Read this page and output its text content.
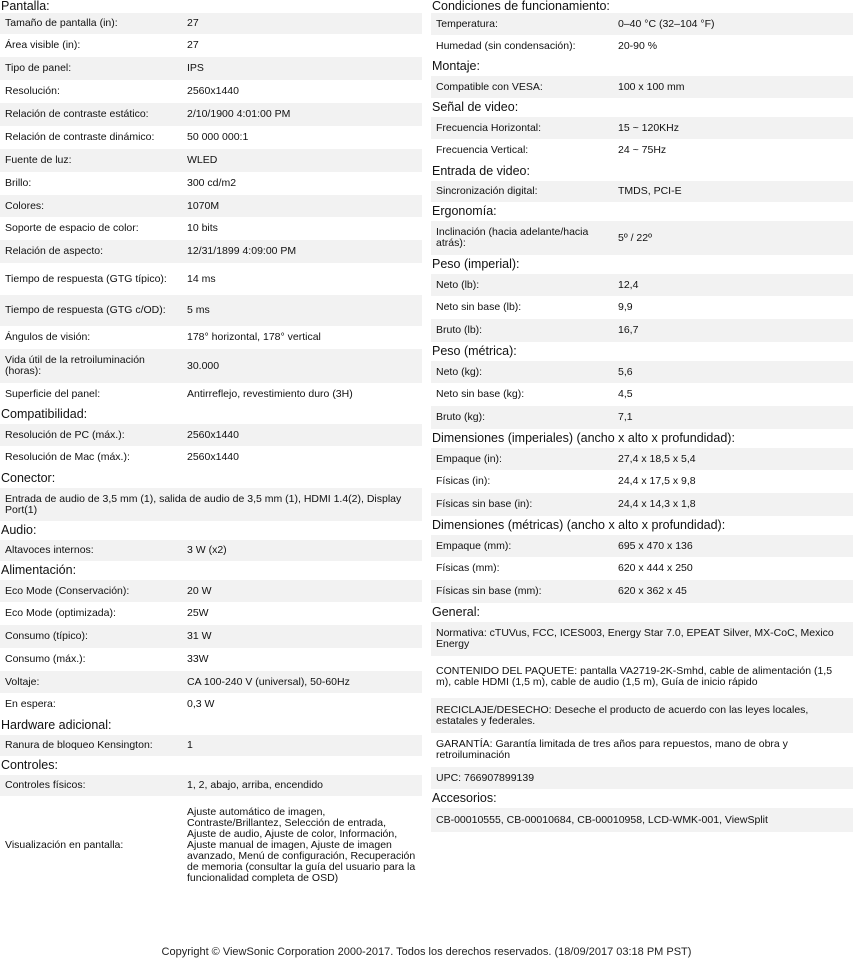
Pantalla:
Tamaño de pantalla (in):	27
Área visible (in):	27
Tipo de panel:	IPS
Resolución:	2560x1440
Relación de contraste estático:	2/10/1900 4:01:00 PM
Relación de contraste dinámico:	50 000 000:1
Fuente de luz:	WLED
Brillo:	300 cd/m2
Colores:	1070M
Soporte de espacio de color:	10 bits
Relación de aspecto:	12/31/1899 4:09:00 PM
Tiempo de respuesta (GTG típico):	14 ms
Tiempo de respuesta (GTG c/OD):	5 ms
Ángulos de visión:	178° horizontal, 178° vertical
Vida útil de la retroiluminación (horas):	30.000
Superficie del panel:	Antirreflejo, revestimiento duro (3H)
Compatibilidad:
Resolución de PC (máx.):	2560x1440
Resolución de Mac (máx.):	2560x1440
Conector:
Entrada de audio de 3,5 mm (1), salida de audio de 3,5 mm (1), HDMI 1.4(2), Display Port(1)
Audio:
Altavoces internos:	3 W (x2)
Alimentación:
Eco Mode (Conservación):	20 W
Eco Mode (optimizada):	25W
Consumo (típico):	31 W
Consumo (máx.):	33W
Voltaje:	CA 100-240 V (universal), 50-60Hz
En espera:	0,3 W
Hardware adicional:
Ranura de bloqueo Kensington:	1
Controles:
Controles físicos:	1, 2, abajo, arriba, encendido
Visualización en pantalla:	Ajuste automático de imagen, Contraste/Brillantez, Selección de entrada, Ajuste de audio, Ajuste de color, Información, Ajuste manual de imagen, Ajuste de imagen avanzado, Menú de configuración, Recuperación de memoria (consultar la guía del usuario para la funcionalidad completa de OSD)
Condiciones de funcionamiento:
Temperatura:	0–40 °C (32–104 °F)
Humedad (sin condensación):	20-90 %
Montaje:
Compatible con VESA:	100 x 100 mm
Señal de video:
Frecuencia Horizontal:	15 ~ 120KHz
Frecuencia Vertical:	24 ~ 75Hz
Entrada de video:
Sincronización digital:	TMDS, PCI-E
Ergonomía:
Inclinación (hacia adelante/hacia atrás):	5º / 22º
Peso (imperial):
Neto (lb):	12,4
Neto sin base (lb):	9,9
Bruto (lb):	16,7
Peso (métrica):
Neto (kg):	5,6
Neto sin base (kg):	4,5
Bruto (kg):	7,1
Dimensiones (imperiales) (ancho x alto x profundidad):
Empaque (in):	27,4 x 18,5 x 5,4
Físicas (in):	24,4 x 17,5 x 9,8
Físicas sin base (in):	24,4 x 14,3 x 1,8
Dimensiones (métricas) (ancho x alto x profundidad):
Empaque (mm):	695 x 470 x 136
Físicas (mm):	620 x 444 x 250
Físicas sin base (mm):	620 x 362 x 45
General:
Normativa: cTUVus, FCC, ICES003, Energy Star 7.0, EPEAT Silver, MX-CoC, Mexico Energy
CONTENIDO DEL PAQUETE: pantalla VA2719-2K-Smhd, cable de alimentación (1,5 m), cable HDMI (1,5 m), cable de audio (1,5 m), Guía de inicio rápido
RECICLAJE/DESECHO: Deseche el producto de acuerdo con las leyes locales, estatales y federales.
GARANTÍA: Garantía limitada de tres años para repuestos, mano de obra y retroiluminación
UPC: 766907899139
Accesorios:
CB-00010555, CB-00010684, CB-00010958, LCD-WMK-001, ViewSplit
Copyright © ViewSonic Corporation 2000-2017. Todos los derechos reservados. (18/09/2017 03:18 PM PST)
